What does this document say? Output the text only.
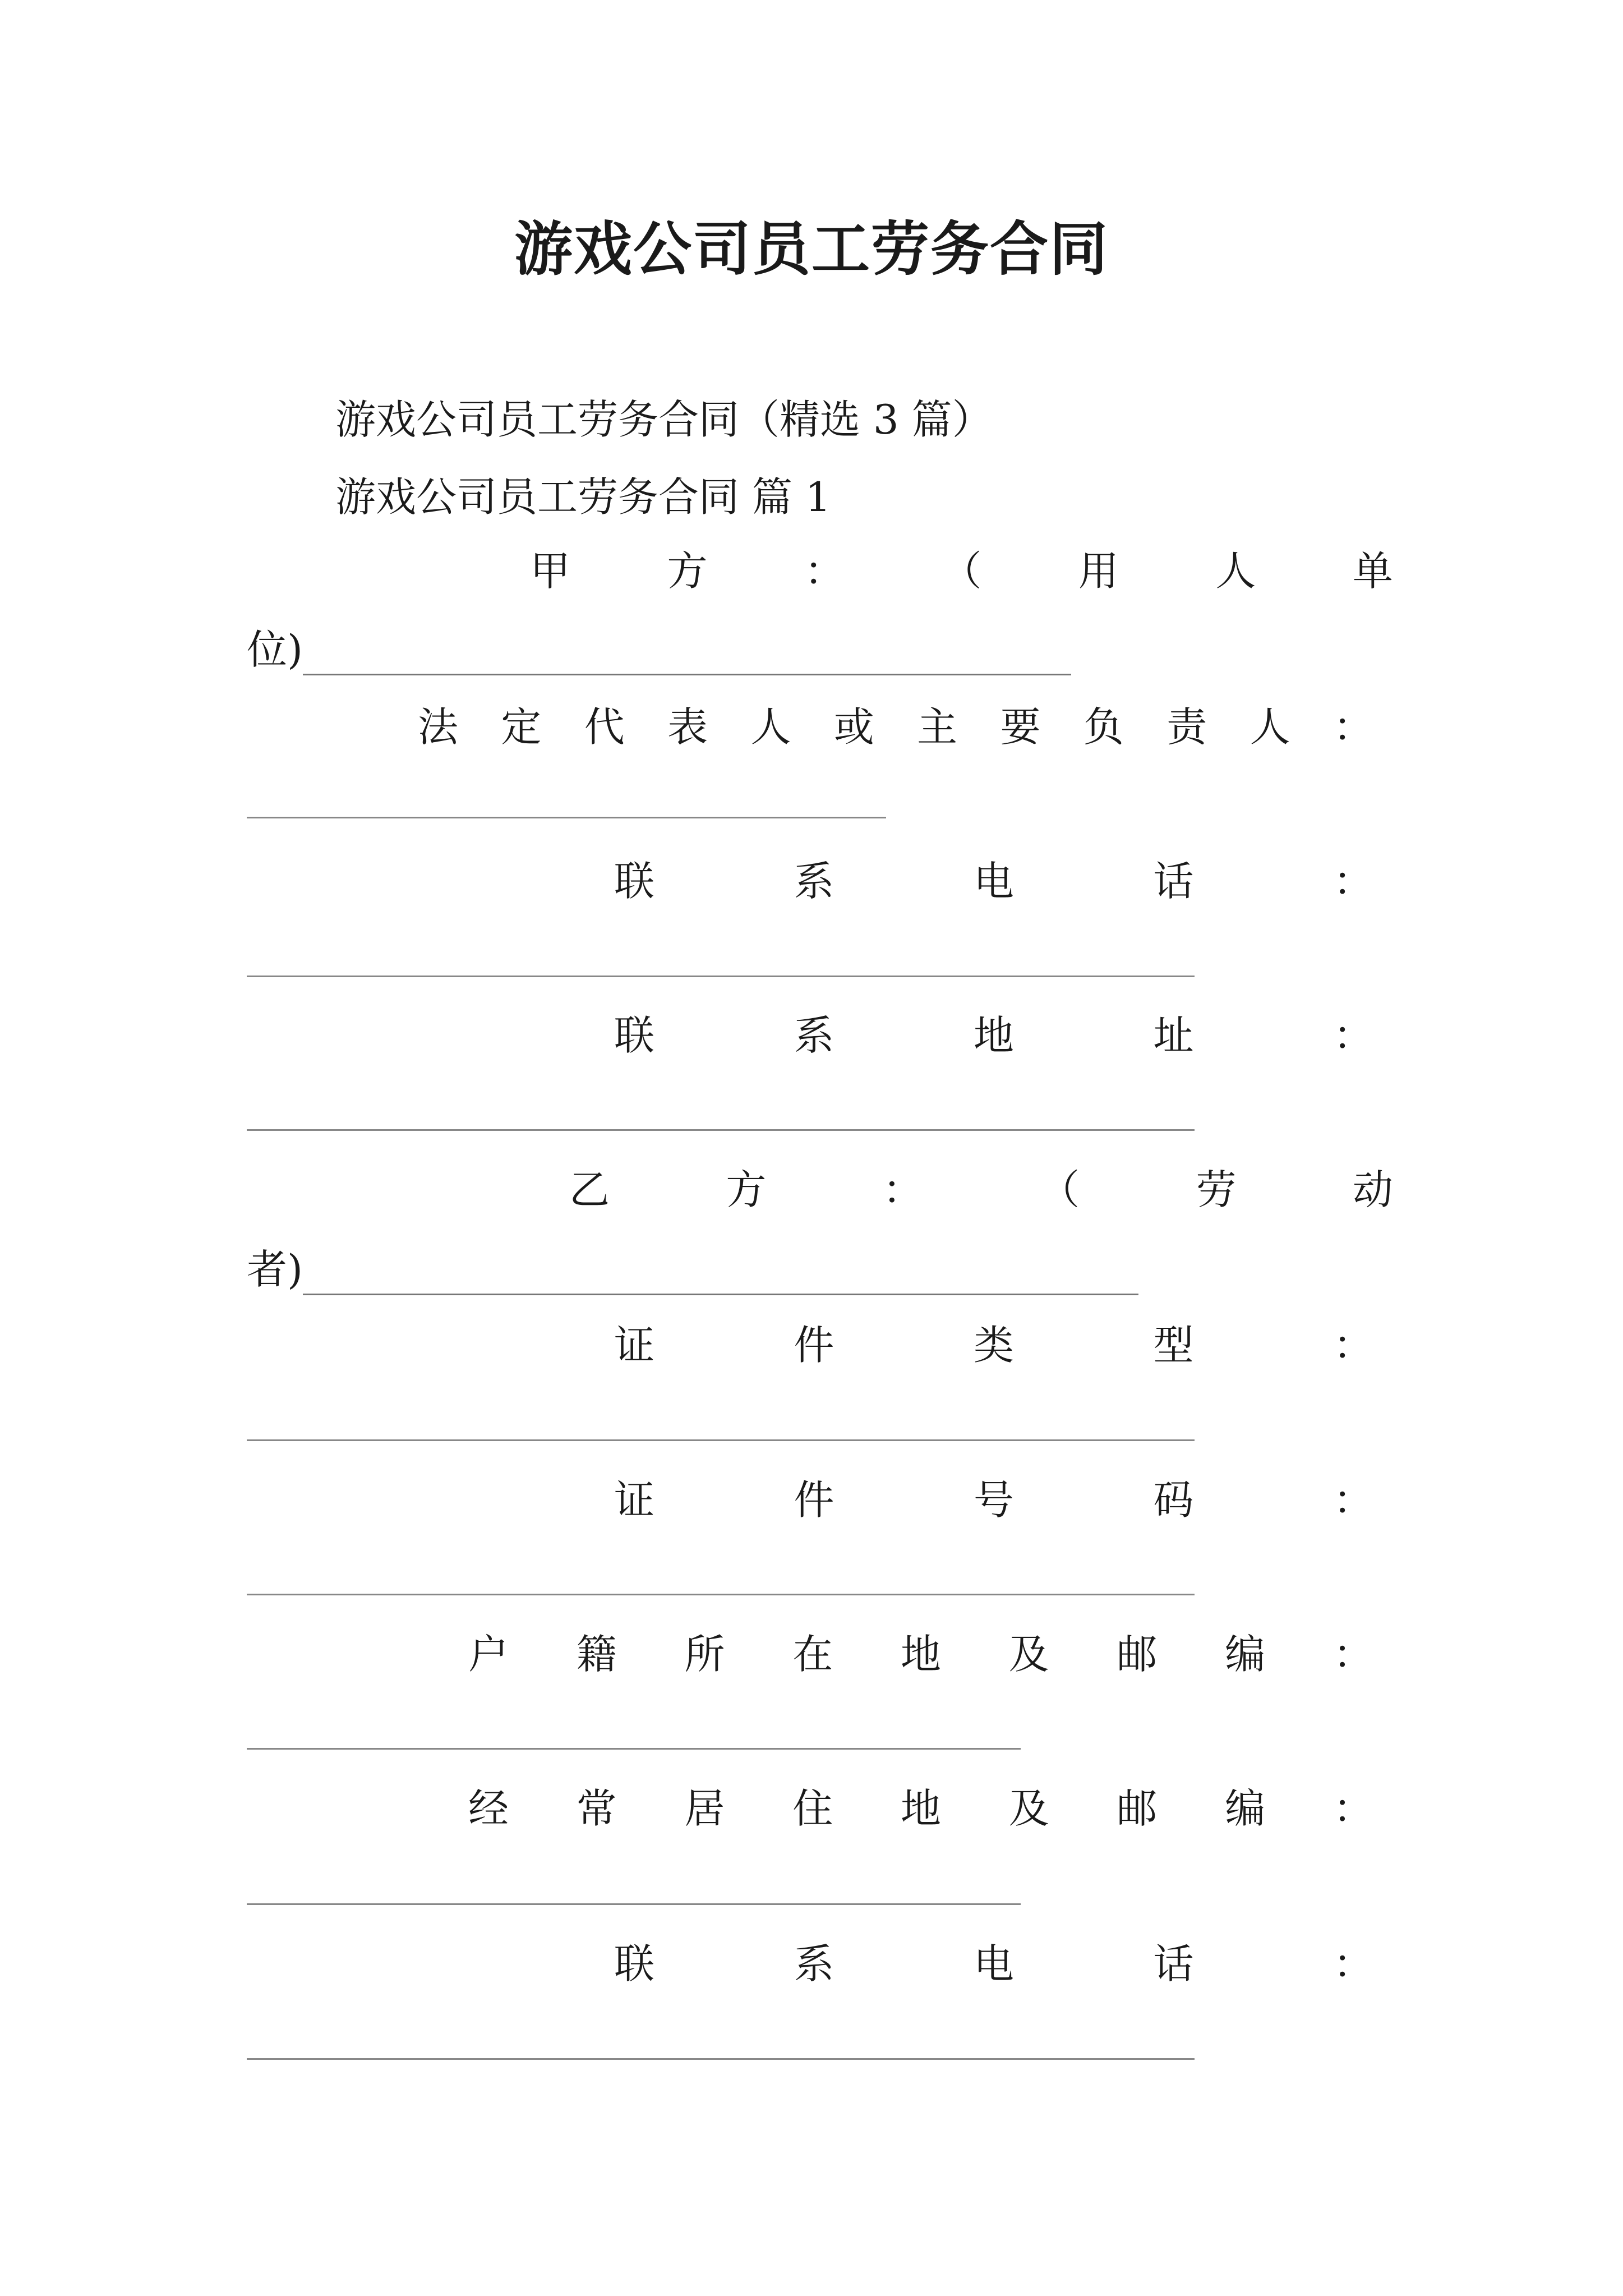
游戏公司员工劳务合同
游戏公司员工劳务合同（精选 3 篇）
游戏公司员工劳务合同 篇 1
甲 方 ： （ 用 人 单
位)
法 定 代 表 人 或 主 要 负 责 人 ：
联	系	电	话	：
联	系	地	址	：
乙	方	：	（	劳	动
者)
证	件	类	型	：
证	件	号	码	：
户 籍 所 在 地 及 邮 编 ：
经 常 居 住 地 及 邮 编 ：
联	系	电	话	：
